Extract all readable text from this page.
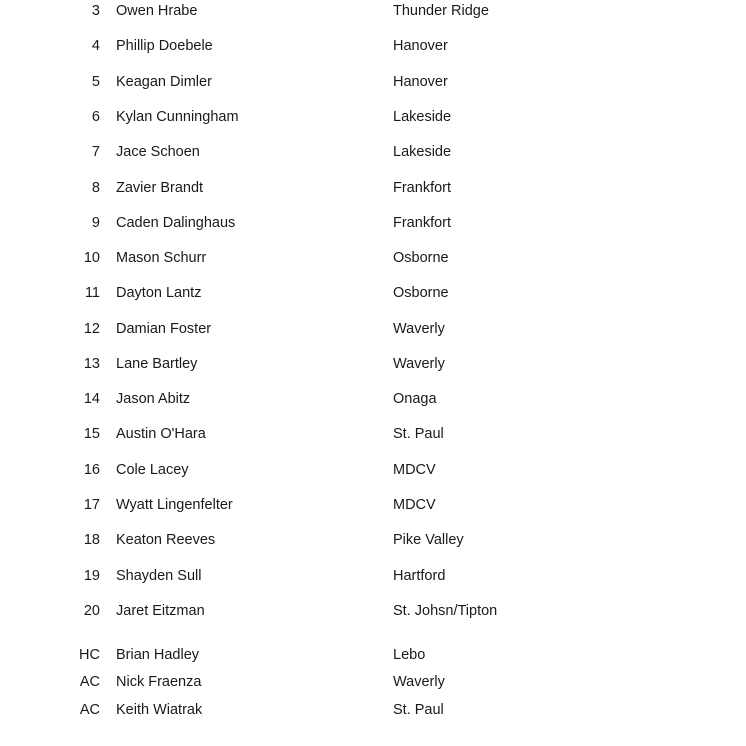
3 Owen Hrabe	Thunder Ridge
4 Phillip Doebele	Hanover
5 Keagan Dimler	Hanover
6 Kylan Cunningham	Lakeside
7 Jace Schoen	Lakeside
8 Zavier Brandt	Frankfort
9 Caden Dalinghaus	Frankfort
10 Mason Schurr	Osborne
11 Dayton Lantz	Osborne
12 Damian Foster	Waverly
13 Lane Bartley	Waverly
14 Jason Abitz	Onaga
15 Austin O'Hara	St. Paul
16 Cole Lacey	MDCV
17 Wyatt Lingenfelter	MDCV
18 Keaton Reeves	Pike Valley
19 Shayden Sull	Hartford
20 Jaret Eitzman	St. Johsn/Tipton
HC Brian Hadley	Lebo
AC Nick Fraenza	Waverly
AC Keith Wiatrak	St. Paul
